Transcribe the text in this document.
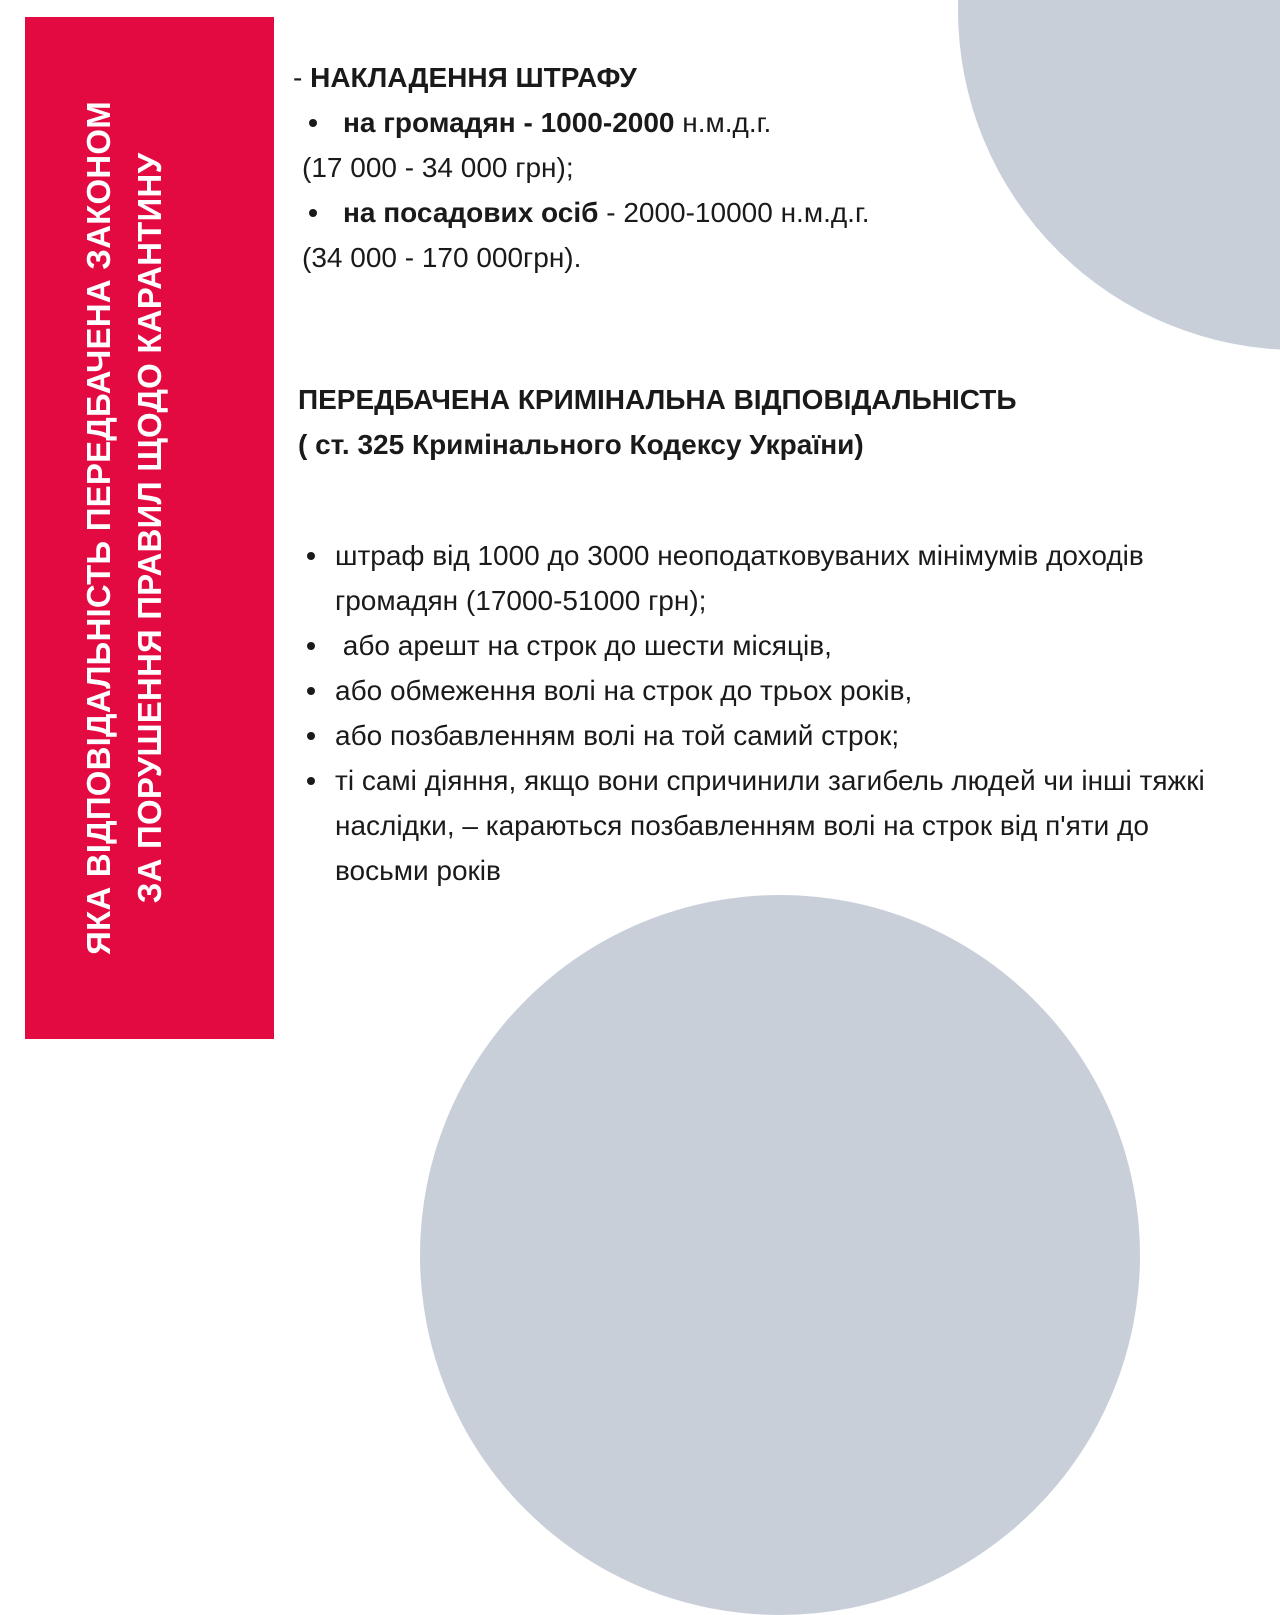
ЯКА ВІДПОВІДАЛЬНІСТЬ ПЕРЕДБАЧЕНА ЗАКОНОМ ЗА ПОРУШЕННЯ ПРАВИЛ ЩОДО КАРАНТИНУ
- НАКЛАДЕННЯ ШТРАФУ
на громадян - 1000-2000 н.м.д.г.
(17 000 - 34 000 грн);
на посадових осіб - 2000-10000 н.м.д.г.
(34 000 - 170 000грн).
ПЕРЕДБАЧЕНА КРИМІНАЛЬНА ВІДПОВІДАЛЬНІСТЬ
( ст. 325 Кримінального Кодексу України)
штраф від 1000 до 3000 неоподатковуваних мінімумів доходів громадян (17000-51000 грн);
або арешт на строк до шести місяців,
або обмеження волі на строк до трьох років,
або позбавленням волі на той самий строк;
ті самі діяння, якщо вони спричинили загибель людей чи інші тяжкі наслідки, – караються позбавленням волі на строк від п'яти до восьми років
